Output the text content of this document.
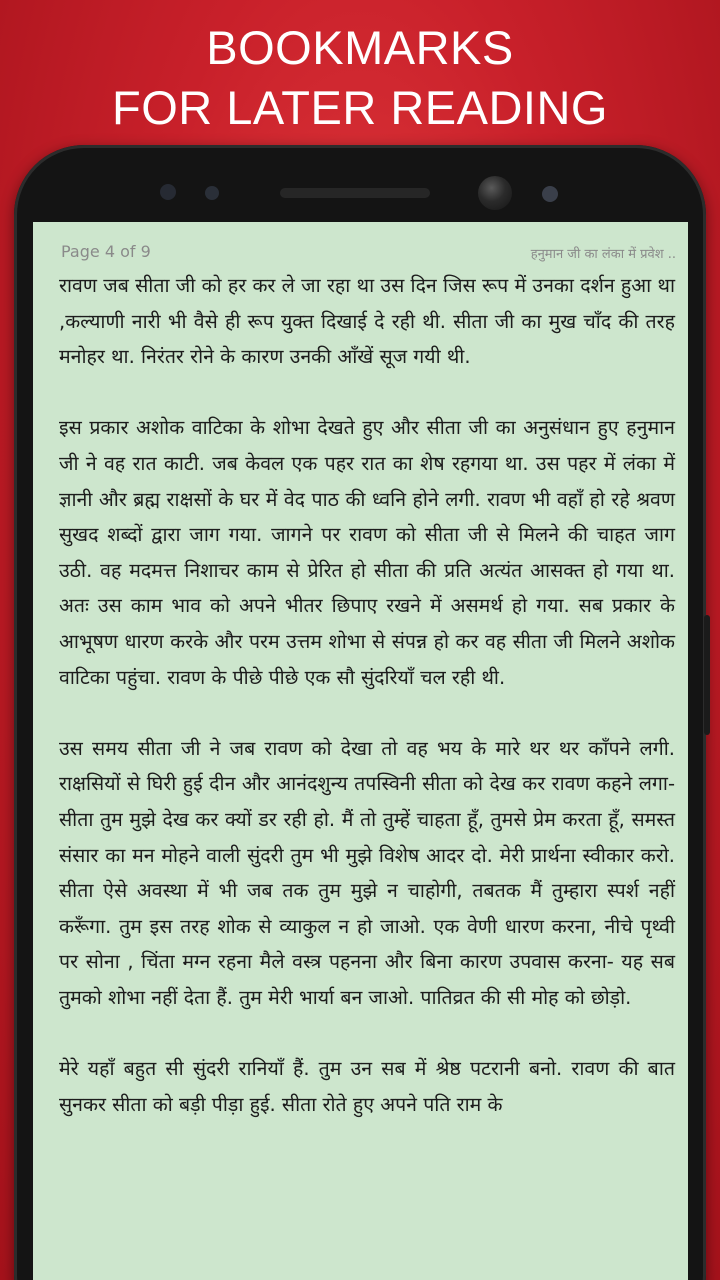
BOOKMARKS
FOR LATER READING
Page 4 of 9	हनुमान जी का लंका में प्रवेश ..

रावण जब सीता जी को हर कर ले जा रहा था उस दिन जिस रूप में उनका दर्शन हुआ था ,कल्याणी नारी भी वैसे ही रूप युक्त दिखाई दे रही थी. सीता जी का मुख चाँद की तरह मनोहर था. निरंतर रोने के कारण उनकी आँखें सूज गयी थी.

इस प्रकार अशोक वाटिका के शोभा देखते हुए और सीता जी का अनुसंधान हुए हनुमान जी ने वह रात काटी. जब केवल एक पहर रात का शेष रहगया था. उस पहर में लंका में ज्ञानी और ब्रह्म राक्षसों के घर में वेद पाठ की ध्वनि होने लगी. रावण भी वहाँ हो रहे श्रवण सुखद शब्दों द्वारा जाग गया. जागने पर रावण को सीता जी से मिलने की चाहत जाग उठी. वह मदमत्त निशाचर काम से प्रेरित हो सीता की प्रति अत्यंत आसक्त हो गया था. अतः उस काम भाव को अपने भीतर छिपाए रखने में असमर्थ हो गया. सब प्रकार के आभूषण धारण करके और परम उत्तम शोभा से संपन्न हो कर वह सीता जी मिलने अशोक वाटिका पहुंचा. रावण के पीछे पीछे एक सौ सुंदरियाँ चल रही थी.

उस समय सीता जी ने जब रावण को देखा तो वह भय के मारे थर थर काँपने लगी. राक्षसियों से घिरी हुई दीन और आनंदशुन्य तपस्विनी सीता को देख कर रावण कहने लगा- सीता तुम मुझे देख कर क्यों डर रही हो. मैं तो तुम्हें चाहता हूँ, तुमसे प्रेम करता हूँ, समस्त संसार का मन मोहने वाली सुंदरी तुम भी मुझे विशेष आदर दो. मेरी प्रार्थना स्वीकार करो. सीता ऐसे अवस्था में भी जब तक तुम मुझे न चाहोगी, तबतक मैं तुम्हारा स्पर्श नहीं करूँगा. तुम इस तरह शोक से व्याकुल न हो जाओ. एक वेणी धारण करना, नीचे पृथ्वी पर सोना , चिंता मग्न रहना मैले वस्त्र पहनना और बिना कारण उपवास करना- यह सब तुमको शोभा नहीं देता हैं. तुम मेरी भार्या बन जाओ. पातिव्रत की सी मोह को छोड़ो.

मेरे यहाँ बहुत सी सुंदरी रानियाँ हैं. तुम उन सब में श्रेष्ठ पटरानी बनो. रावण की बात सुनकर सीता को बड़ी पीड़ा हुई. सीता रोते हुए अपने पति राम के
